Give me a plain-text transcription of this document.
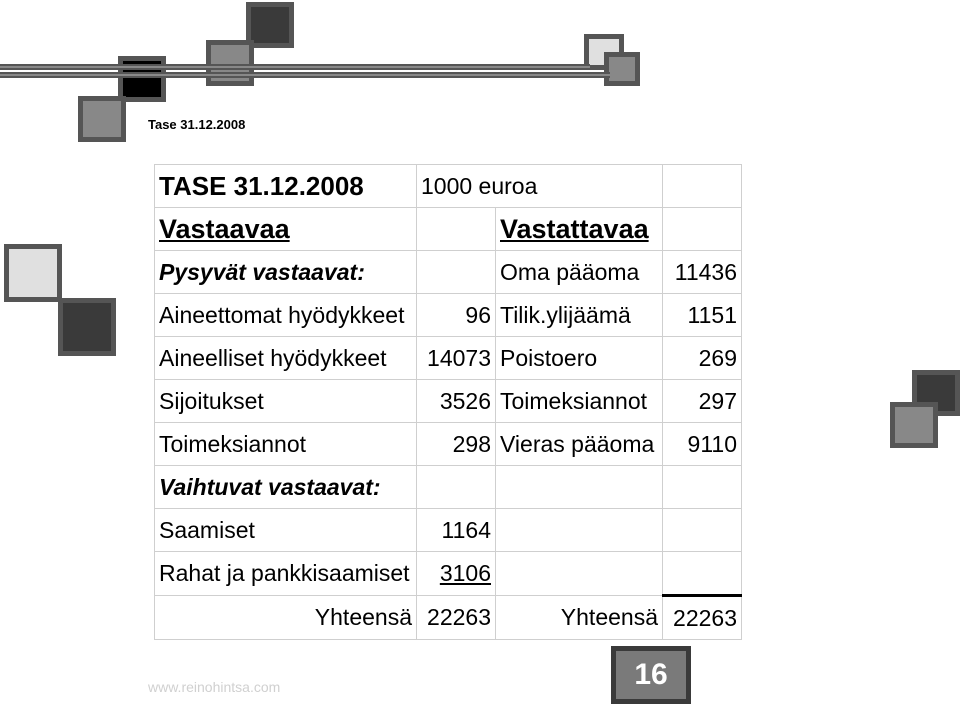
Tase 31.12.2008
TASE 31.12.2008	1000 euroa		
Vastaavaa		Vastattavaa	
Pysyvät vastaavat:		Oma pääoma	11436
Aineettomat hyödykkeet	96	Tilik.ylijäämä	1151
Aineelliset hyödykkeet	14073	Poistoero	269
Sijoitukset	3526	Toimeksiannot	297
Toimeksiannot	298	Vieras pääoma	9110
Vaihtuvat vastaavat:			
Saamiset	1164		
Rahat ja pankkisaamiset	3106		
Yhteensä	22263	Yhteensä	22263
www.reinohintsa.com	16
